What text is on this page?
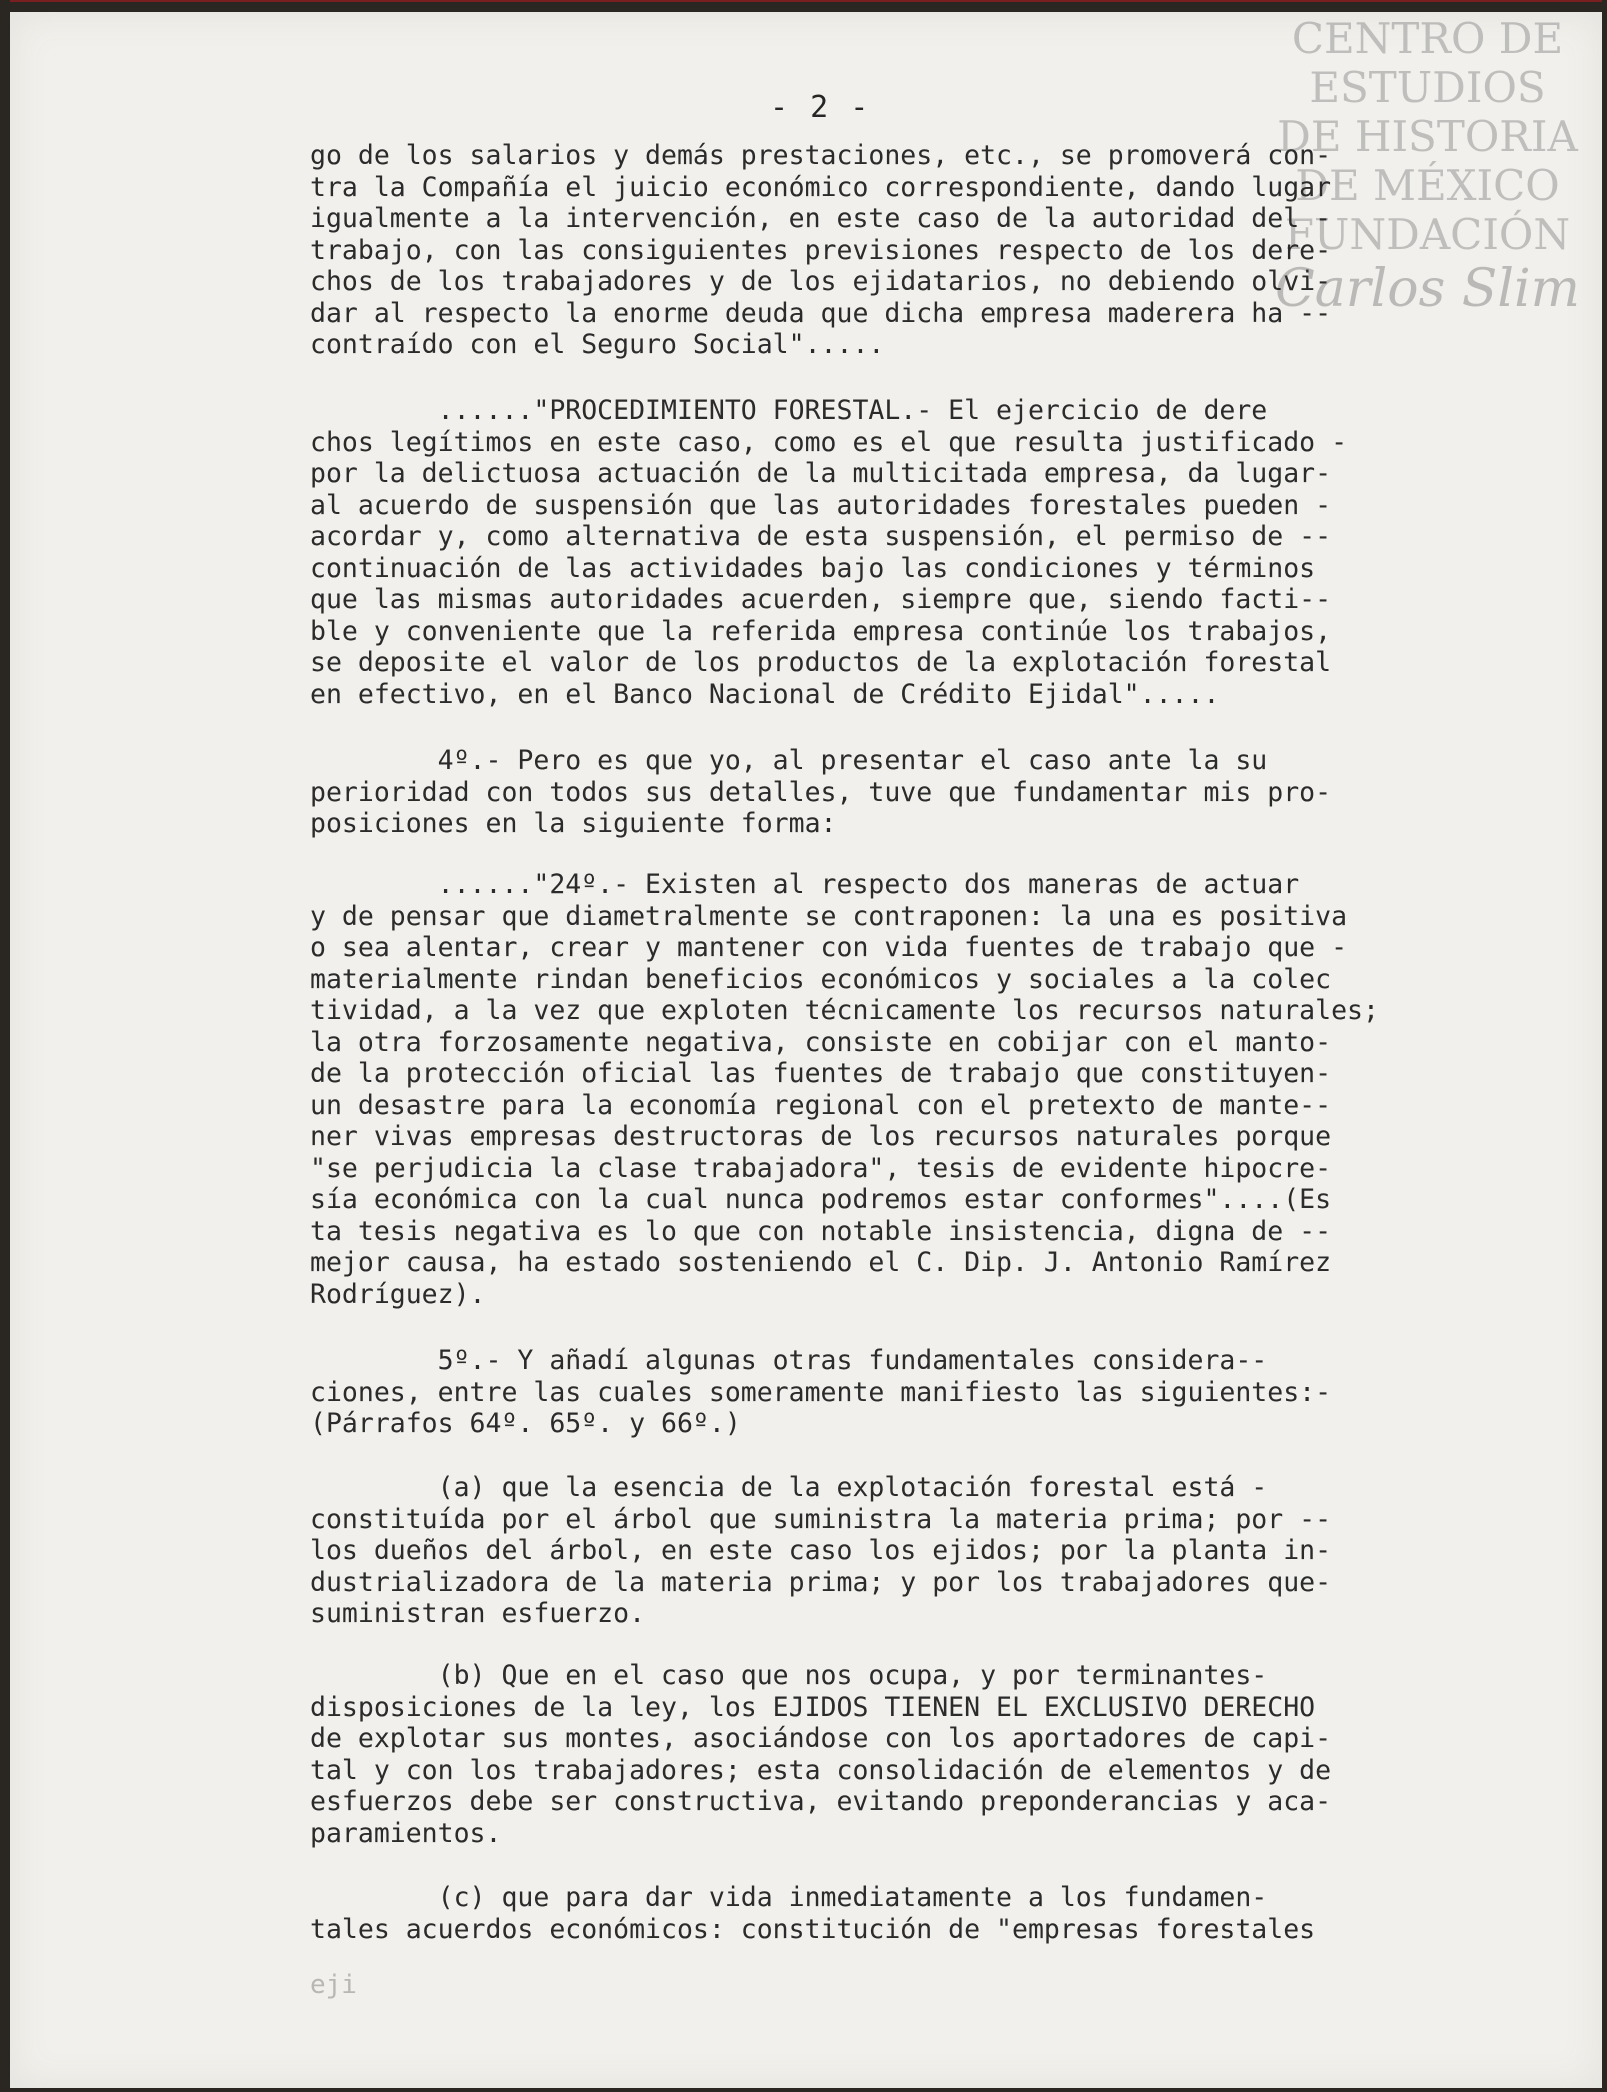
CENTRO DE
ESTUDIOS
DE HISTORIA
DE MÉXICO
FUNDACIÓN
Carlos Slim
- 2 -

go de los salarios y demás prestaciones, etc., se promoverá con-
tra la Compañía el juicio económico correspondiente, dando lugar
igualmente a la intervención, en este caso de la autoridad del -
trabajo, con las consiguientes previsiones respecto de los dere-
chos de los trabajadores y de los ejidatarios, no debiendo olvi-
dar al respecto la enorme deuda que dicha empresa maderera ha --
contraído con el Seguro Social".....

......"PROCEDIMIENTO FORESTAL.- El ejercicio de dere
chos legítimos en este caso, como es el que resulta justificado -
por la delictuosa actuación de la multicitada empresa, da lugar-
al acuerdo de suspensión que las autoridades forestales pueden -
acordar y, como alternativa de esta suspensión, el permiso de --
continuación de las actividades bajo las condiciones y términos
que las mismas autoridades acuerden, siempre que, siendo facti--
ble y conveniente que la referida empresa continúe los trabajos,
se deposite el valor de los productos de la explotación forestal
en efectivo, en el Banco Nacional de Crédito Ejidal".....

4º.- Pero es que yo, al presentar el caso ante la su
perioridad con todos sus detalles, tuve que fundamentar mis pro-
posiciones en la siguiente forma:

......"24º.- Existen al respecto dos maneras de actuar
y de pensar que diametralmente se contraponen: la una es positiva
o sea alentar, crear y mantener con vida fuentes de trabajo que -
materialmente rindan beneficios económicos y sociales a la colec
tividad, a la vez que exploten técnicamente los recursos naturales;
la otra forzosamente negativa, consiste en cobijar con el manto-
de la protección oficial las fuentes de trabajo que constituyen-
un desastre para la economía regional con el pretexto de mante--
ner vivas empresas destructoras de los recursos naturales porque
"se perjudicia la clase trabajadora", tesis de evidente hipocre-
sía económica con la cual nunca podremos estar conformes"....(Es
ta tesis negativa es lo que con notable insistencia, digna de --
mejor causa, ha estado sosteniendo el C. Dip. J. Antonio Ramírez
Rodríguez).

5º.- Y añadí algunas otras fundamentales considera--
ciones, entre las cuales someramente manifiesto las siguientes:-
(Párrafos 64º. 65º. y 66º.)

(a) que la esencia de la explotación forestal está -
constituída por el árbol que suministra la materia prima; por --
los dueños del árbol, en este caso los ejidos; por la planta in-
dustrializadora de la materia prima; y por los trabajadores que-
suministran esfuerzo.

(b) Que en el caso que nos ocupa, y por terminantes-
disposiciones de la ley, los EJIDOS TIENEN EL EXCLUSIVO DERECHO
de explotar sus montes, asociándose con los aportadores de capi-
tal y con los trabajadores; esta consolidación de elementos y de
esfuerzos debe ser constructiva, evitando preponderancias y aca-
paramientos.

(c) que para dar vida inmediatamente a los fundamen-
tales acuerdos económicos: constitución de "empresas forestales

eji
